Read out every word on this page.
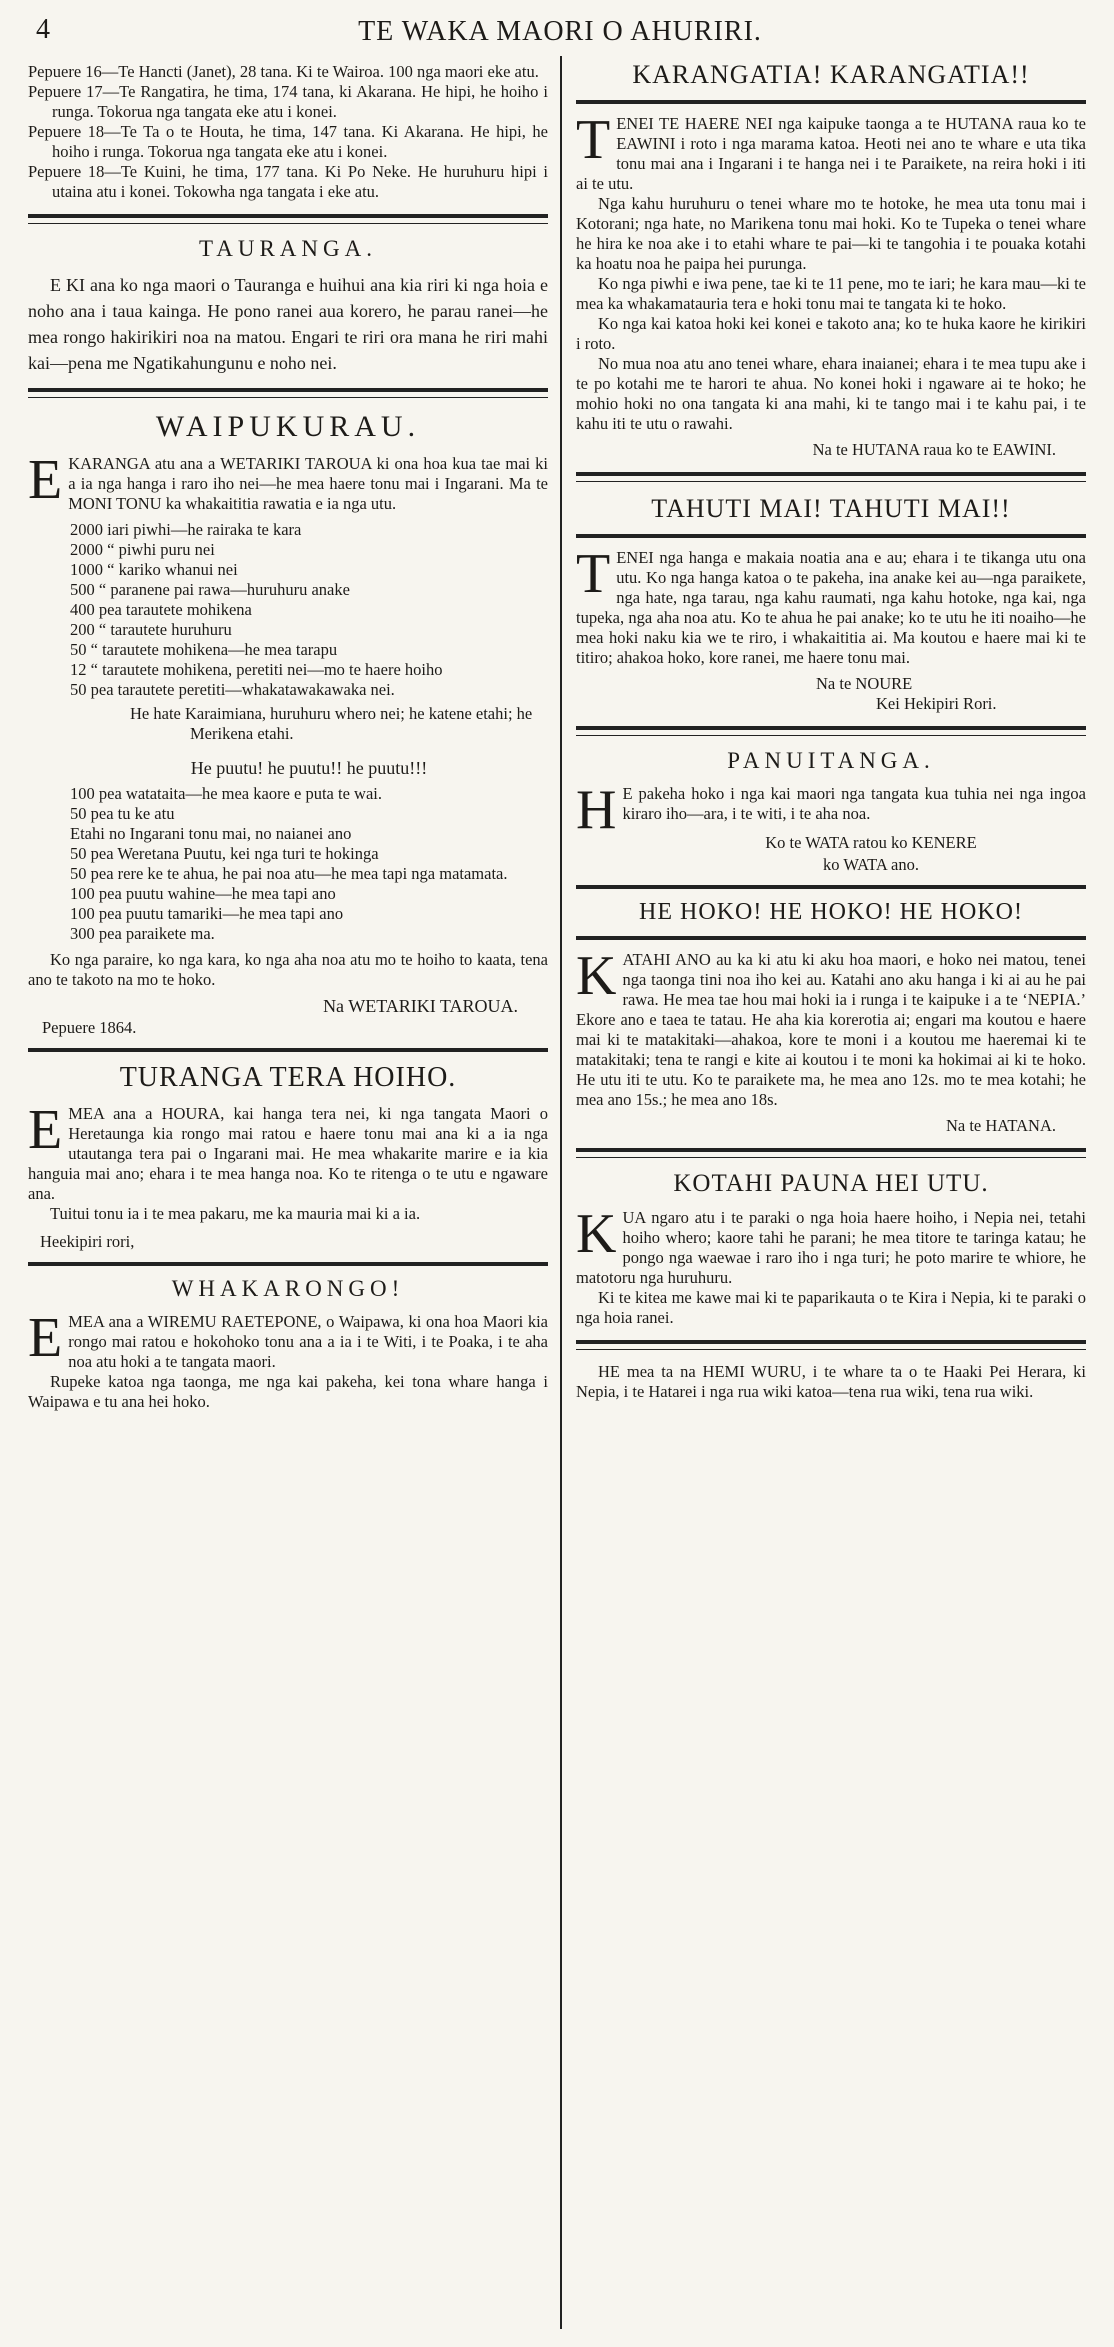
4	TE WAKA MAORI O AHURIRI.

Pepuere 16—Te Hancti (Janet), 28 tana. Ki te Wairoa. 100 nga maori eke atu.

Pepuere 17—Te Rangatira, he tima, 174 tana, ki Akarana. He hipi, he hoiho i runga. Tokorua nga tangata eke atu i konei.

Pepuere 18—Te Ta o te Houta, he tima, 147 tana. Ki Akarana. He hipi, he hoiho i runga. Tokorua nga tangata eke atu i konei.

Pepuere 18—Te Kuini, he tima, 177 tana. Ki Po Neke. He huruhuru hipi i utaina atu i konei. Tokowha nga tangata i eke atu.

TAURANGA.

E KI ana ko nga maori o Tauranga e huihui ana kia riri ki nga hoia e noho ana i taua kainga. He pono ranei aua korero, he parau ranei—he mea rongo hakirikiri noa na matou. Engari te riri ora mana he riri mahi kai—pena me Ngatikahungunu e noho nei.

WAIPUKURAU.
E KARANGA atu ana a WETARIKI TAROUA ki ona hoa kua tae mai ki a ia nga hanga i raro iho nei—he mea haere tonu mai i Ingarani. Ma te MONI TONU ka whakaititia rawatia e ia nga utu.

2000 iari piwhi—he rairaka te kara

2000 “ piwhi puru nei

1000 “ kariko whanui nei

500 “ paranene pai rawa—huruhuru anake

400 pea tarautete mohikena

200 “ tarautete huruhuru

50 “ tarautete mohikena—he mea tarapu

12 “ tarautete mohikena, peretiti nei—mo te haere hoiho

50 pea tarautete peretiti—whakatawakawaka nei.

He hate Karaimiana, huruhuru whero nei; he katene etahi; he Merikena etahi.

He puutu! he puutu!! he puutu!!!

100 pea watataita—he mea kaore e puta te wai.

50 pea tu ke atu

Etahi no Ingarani tonu mai, no naianei ano

50 pea Weretana Puutu, kei nga turi te hokinga

50 pea rere ke te ahua, he pai noa atu—he mea tapi nga matamata.

100 pea puutu wahine—he mea tapi ano

100 pea puutu tamariki—he mea tapi ano

300 pea paraikete ma.

Ko nga paraire, ko nga kara, ko nga aha noa atu mo te hoiho to kaata, tena ano te takoto na mo te hoko.

Na WETARIKI TAROUA.

Pepuere 1864.

TURANGA TERA HOIHO.
E MEA ana a HOURA, kai hanga tera nei, ki nga tangata Maori o Heretaunga kia rongo mai ratou e haere tonu mai ana ki a ia nga utautanga tera pai o Ingarani mai. He mea whakarite marire e ia kia hanguia mai ano; ehara i te mea hanga noa. Ko te ritenga o te utu e ngaware ana.

Tuitui tonu ia i te mea pakaru, me ka mauria mai ki a ia.

Heekipiri rori,

WHAKARONGO!
E MEA ana a WIREMU RAETEPONE, o Waipawa, ki ona hoa Maori kia rongo mai ratou e hokohoko tonu ana a ia i te Witi, i te Poaka, i te aha noa atu hoki a te tangata maori.

Rupeke katoa nga taonga, me nga kai pakeha, kei tona whare hanga i Waipawa e tu ana hei hoko.

KARANGATIA! KARANGATIA!!
T ENEI TE HAERE NEI nga kaipuke taonga a te HUTANA raua ko te EAWINI i roto i nga marama katoa. Heoti nei ano te whare e uta tika tonu mai ana i Ingarani i te hanga nei i te Paraikete, na reira hoki i iti ai te utu.

Nga kahu huruhuru o tenei whare mo te hotoke, he mea uta tonu mai i Kotorani; nga hate, no Marikena tonu mai hoki. Ko te Tupeka o tenei whare he hira ke noa ake i to etahi whare te pai—ki te tangohia i te pouaka kotahi ka hoatu noa he paipa hei purunga.

Ko nga piwhi e iwa pene, tae ki te 11 pene, mo te iari; he kara mau—ki te mea ka whakamatauria tera e hoki tonu mai te tangata ki te hoko.

Ko nga kai katoa hoki kei konei e takoto ana; ko te huka kaore he kirikiri i roto.

No mua noa atu ano tenei whare, ehara inaianei; ehara i te mea tupu ake i te po kotahi me te harori te ahua. No konei hoki i ngaware ai te hoko; he mohio hoki no ona tangata ki ana mahi, ki te tango mai i te kahu pai, i te kahu iti te utu o rawahi.

Na te HUTANA raua ko te EAWINI.

TAHUTI MAI! TAHUTI MAI!!
T ENEI nga hanga e makaia noatia ana e au; ehara i te tikanga utu ona utu. Ko nga hanga katoa o te pakeha, ina anake kei au—nga paraikete, nga hate, nga tarau, nga kahu raumati, nga kahu hotoke, nga kai, nga tupeka, nga aha noa atu. Ko te ahua he pai anake; ko te utu he iti noaiho—he mea hoki naku kia we te riro, i whakaititia ai. Ma koutou e haere mai ki te titiro; ahakoa hoko, kore ranei, me haere tonu mai.

Na te NOURE

Kei Hekipiri Rori.

PANUITANGA.
H E pakeha hoko i nga kai maori nga tangata kua tuhia nei nga ingoa kiraro iho—ara, i te witi, i te aha noa.

Ko te WATA ratou ko KENERE

ko WATA ano.

HE HOKO! HE HOKO! HE HOKO!
K ATAHI ANO au ka ki atu ki aku hoa maori, e hoko nei matou, tenei nga taonga tini noa iho kei au. Katahi ano aku hanga i ki ai au he pai rawa. He mea tae hou mai hoki ia i runga i te kaipuke i a te ‘NEPIA.’ Ekore ano e taea te tatau. He aha kia korerotia ai; engari ma koutou e haere mai ki te matakitaki—ahakoa, kore te moni i a koutou me haeremai ki te matakitaki; tena te rangi e kite ai koutou i te moni ka hokimai ai ki te hoko. He utu iti te utu. Ko te paraikete ma, he mea ano 12s. mo te mea kotahi; he mea ano 15s.; he mea ano 18s.

Na te HATANA.

KOTAHI PAUNA HEI UTU.
K UA ngaro atu i te paraki o nga hoia haere hoiho, i Nepia nei, tetahi hoiho whero; kaore tahi he parani; he mea titore te taringa katau; he pongo nga waewae i raro iho i nga turi; he poto marire te whiore, he matotoru nga huruhuru.

Ki te kitea me kawe mai ki te paparikauta o te Kira i Nepia, ki te paraki o nga hoia ranei.

HE mea ta na HEMI WURU, i te whare ta o te Haaki Pei Herara, ki Nepia, i te Hatarei i nga rua wiki katoa—tena rua wiki, tena rua wiki.
